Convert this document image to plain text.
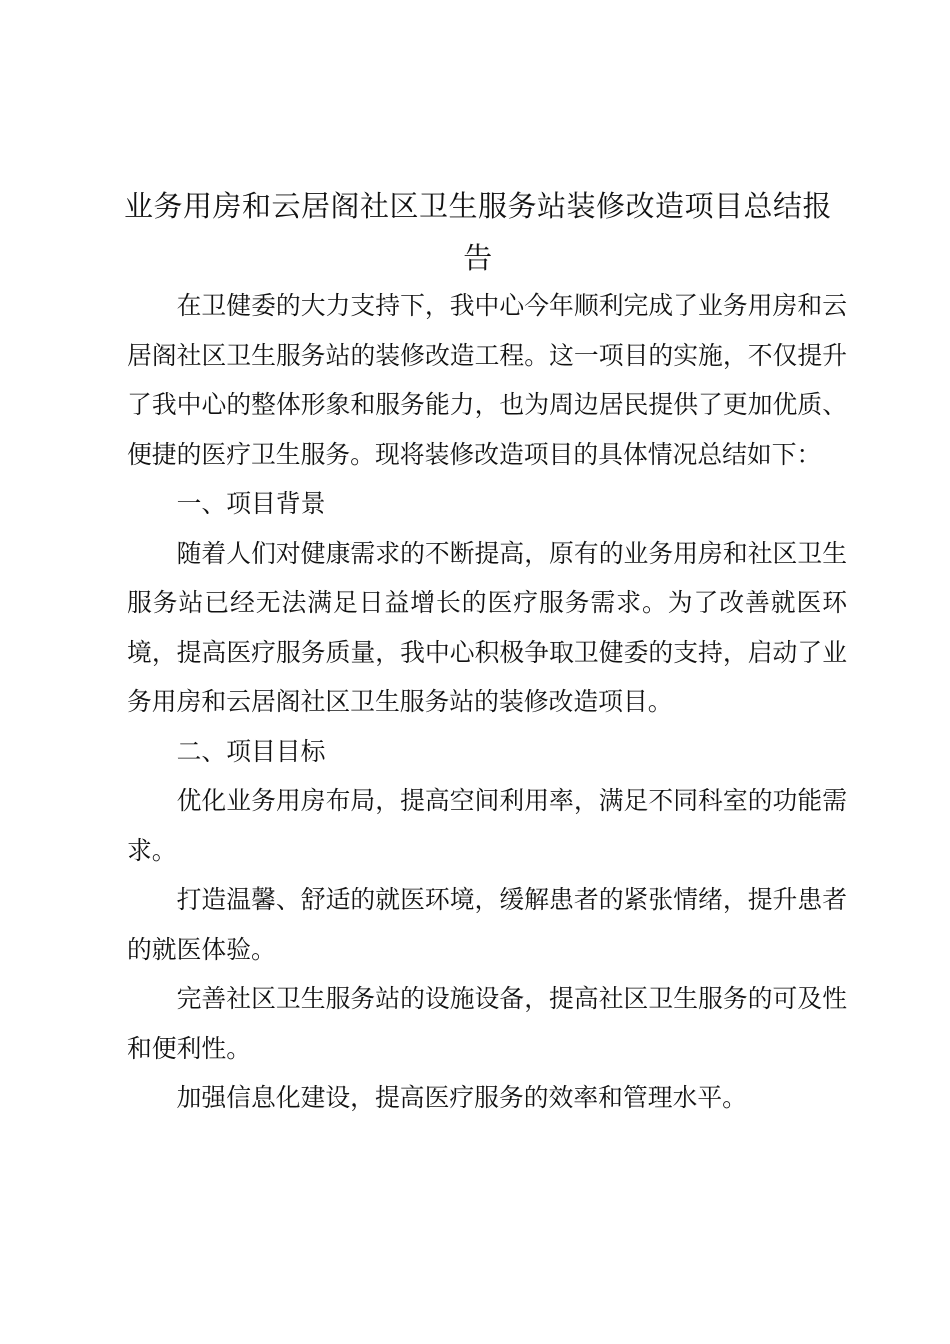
业务用房和云居阁社区卫生服务站装修改造项目总结报告

在卫健委的大力支持下，我中心今年顺利完成了业务用房和云居阁社区卫生服务站的装修改造工程。这一项目的实施，不仅提升了我中心的整体形象和服务能力，也为周边居民提供了更加优质、便捷的医疗卫生服务。现将装修改造项目的具体情况总结如下：

一、项目背景

随着人们对健康需求的不断提高，原有的业务用房和社区卫生服务站已经无法满足日益增长的医疗服务需求。为了改善就医环境，提高医疗服务质量，我中心积极争取卫健委的支持，启动了业务用房和云居阁社区卫生服务站的装修改造项目。

二、项目目标

优化业务用房布局，提高空间利用率，满足不同科室的功能需求。

打造温馨、舒适的就医环境，缓解患者的紧张情绪，提升患者的就医体验。

完善社区卫生服务站的设施设备，提高社区卫生服务的可及性和便利性。

加强信息化建设，提高医疗服务的效率和管理水平。
